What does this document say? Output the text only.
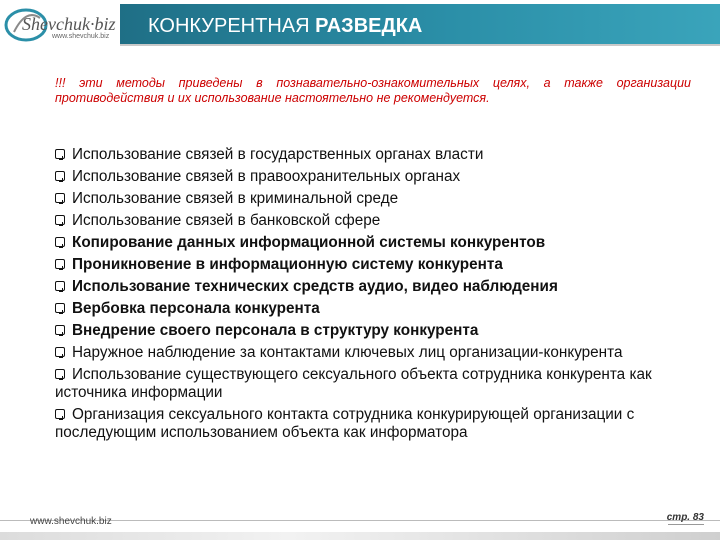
Shevchuk·biz
www.shevchuk.biz КОНКУРЕНТНАЯ РАЗВЕДКА
!!! эти методы приведены в познавательно-ознакомительных целях, а также организации противодействия и их использование настоятельно не рекомендуется.
Использование связей в государственных органах власти
Использование связей в правоохранительных органах
Использование связей в криминальной среде
Использование связей в банковской сфере
Копирование данных информационной системы конкурентов
Проникновение в информационную систему конкурента
Использование технических средств аудио, видео наблюдения
Вербовка персонала конкурента
Внедрение своего персонала в структуру конкурента
Наружное наблюдение за контактами ключевых лиц организации-конкурента
Использование существующего сексуального объекта сотрудника конкурента как источника информации
Организация сексуального контакта сотрудника конкурирующей организации с последующим использованием объекта как информатора
www.shevchuk.biz	стр. 83
